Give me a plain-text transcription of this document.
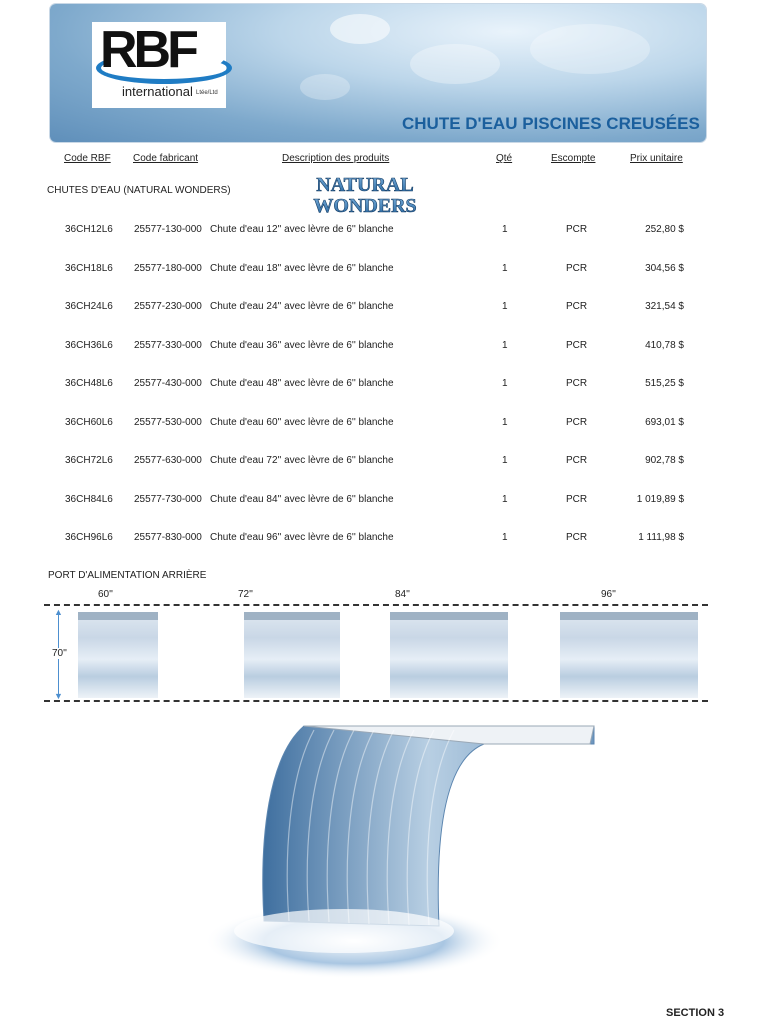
RBF
international Ltée/Ltd
CHUTE D'EAU PISCINES CREUSÉES
Code RBF Code fabricant	Description des produits	Qté	Escompte	Prix unitaire
CHUTES D'EAU (NATURAL WONDERS)	NATURAL
WONDERS
36CH12L6 25577-130-000 Chute d'eau 12'' avec lèvre de 6'' blanche	1	PCR	252,80 $
36CH18L6 25577-180-000 Chute d'eau 18'' avec lèvre de 6'' blanche	1	PCR	304,56 $
36CH24L6 25577-230-000 Chute d'eau 24'' avec lèvre de 6'' blanche	1	PCR	321,54 $
36CH36L6 25577-330-000 Chute d'eau 36'' avec lèvre de 6'' blanche	1	PCR	410,78 $
36CH48L6 25577-430-000 Chute d'eau 48'' avec lèvre de 6'' blanche	1	PCR	515,25 $
36CH60L6 25577-530-000 Chute d'eau 60'' avec lèvre de 6'' blanche	1	PCR	693,01 $
36CH72L6 25577-630-000 Chute d'eau 72'' avec lèvre de 6'' blanche	1	PCR	902,78 $
36CH84L6 25577-730-000 Chute d'eau 84'' avec lèvre de 6'' blanche	1	PCR	1 019,89 $
36CH96L6 25577-830-000 Chute d'eau 96'' avec lèvre de 6'' blanche	1	PCR	1 111,98 $
PORT D'ALIMENTATION ARRIÈRE
60''	72''	84''	96''
▲
▼
70''
SECTION 3
